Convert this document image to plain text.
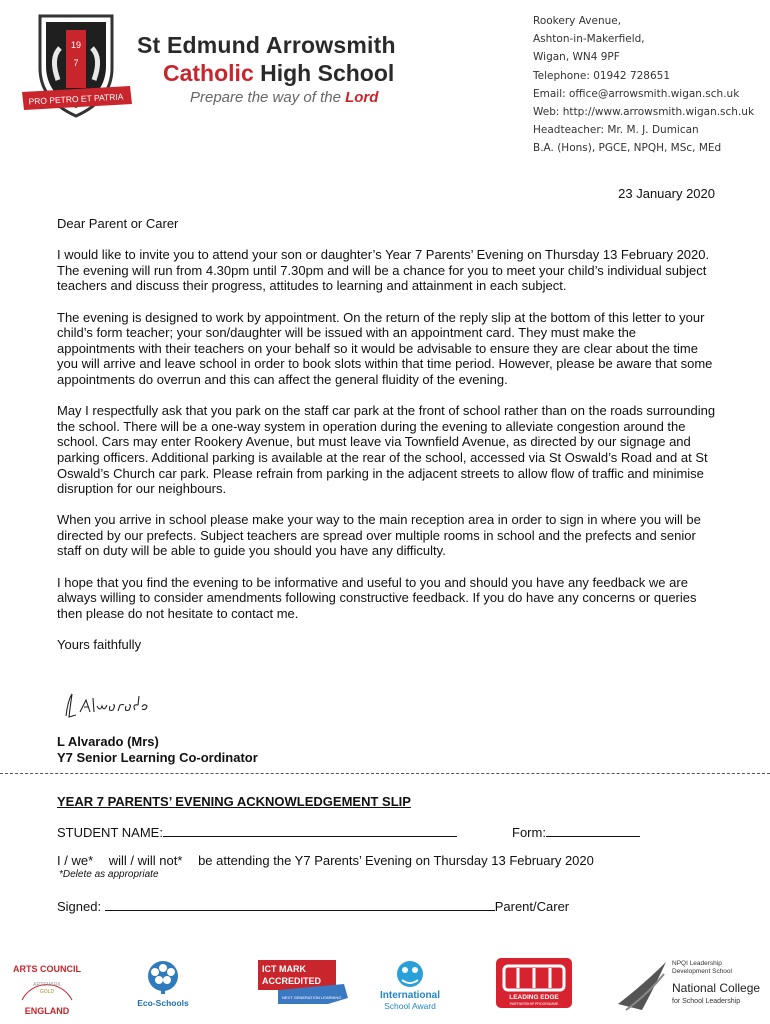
19
7
PRO PETRO ET PATRIA
St Edmund Arrowsmith
Catholic High School
Prepare the way of the Lord
Rookery Avenue,
Ashton-in-Makerfield,
Wigan, WN4 9PF
Telephone: 01942 728651
Email: office@arrowsmith.wigan.sch.uk
Web: http://www.arrowsmith.wigan.sch.uk
Headteacher: Mr. M. J. Dumican
B.A. (Hons), PGCE, NPQH, MSc, MEd
23 January 2020

Dear Parent or Carer

I would like to invite you to attend your son or daughter’s Year 7 Parents’ Evening on Thursday 13 February 2020. The evening will run from 4.30pm until 7.30pm and will be a chance for you to meet your child’s individual subject teachers and discuss their progress, attitudes to learning and attainment in each subject.

The evening is designed to work by appointment. On the return of the reply slip at the bottom of this letter to your child’s form teacher; your son/daughter will be issued with an appointment card. They must make the appointments with their teachers on your behalf so it would be advisable to ensure they are clear about the time you will arrive and leave school in order to book slots within that time period. However, please be aware that some appointments do overrun and this can affect the general fluidity of the evening.

May I respectfully ask that you park on the staff car park at the front of school rather than on the roads surrounding the school. There will be a one-way system in operation during the evening to alleviate congestion around the school. Cars may enter Rookery Avenue, but must leave via Townfield Avenue, as directed by our signage and parking officers. Additional parking is available at the rear of the school, accessed via St Oswald’s Road and at St Oswald’s Church car park. Please refrain from parking in the adjacent streets to allow flow of traffic and minimise disruption for our neighbours.

When you arrive in school please make your way to the main reception area in order to sign in where you will be directed by our prefects. Subject teachers are spread over multiple rooms in school and the prefects and senior staff on duty will be able to guide you should you have any difficulty.

I hope that you find the evening to be informative and useful to you and should you have any feedback we are always willing to consider amendments following constructive feedback. If you do have any concerns or queries then please do not hesitate to contact me.

Yours faithfully

L Alvarado (Mrs)
Y7 Senior Learning Co-ordinator
YEAR 7 PARENTS’ EVENING ACKNOWLEDGEMENT SLIP
STUDENT NAME:	Form:
I / we* will / will not* be attending the Y7 Parents’ Evening on Thursday 13 February 2020
*Delete as appropriate
Signed:	Parent/Carer
ARTS COUNCIL
ARTSMARK
GOLD
ENGLAND
Eco-Schools
ICT MARK
ACCREDITED
NEXT GENERATION LEARNING	International
School Award
LEADING EDGE
PARTNERSHIP PROGRAMME
NPQI Leadership
Development School
National College
for School Leadership
